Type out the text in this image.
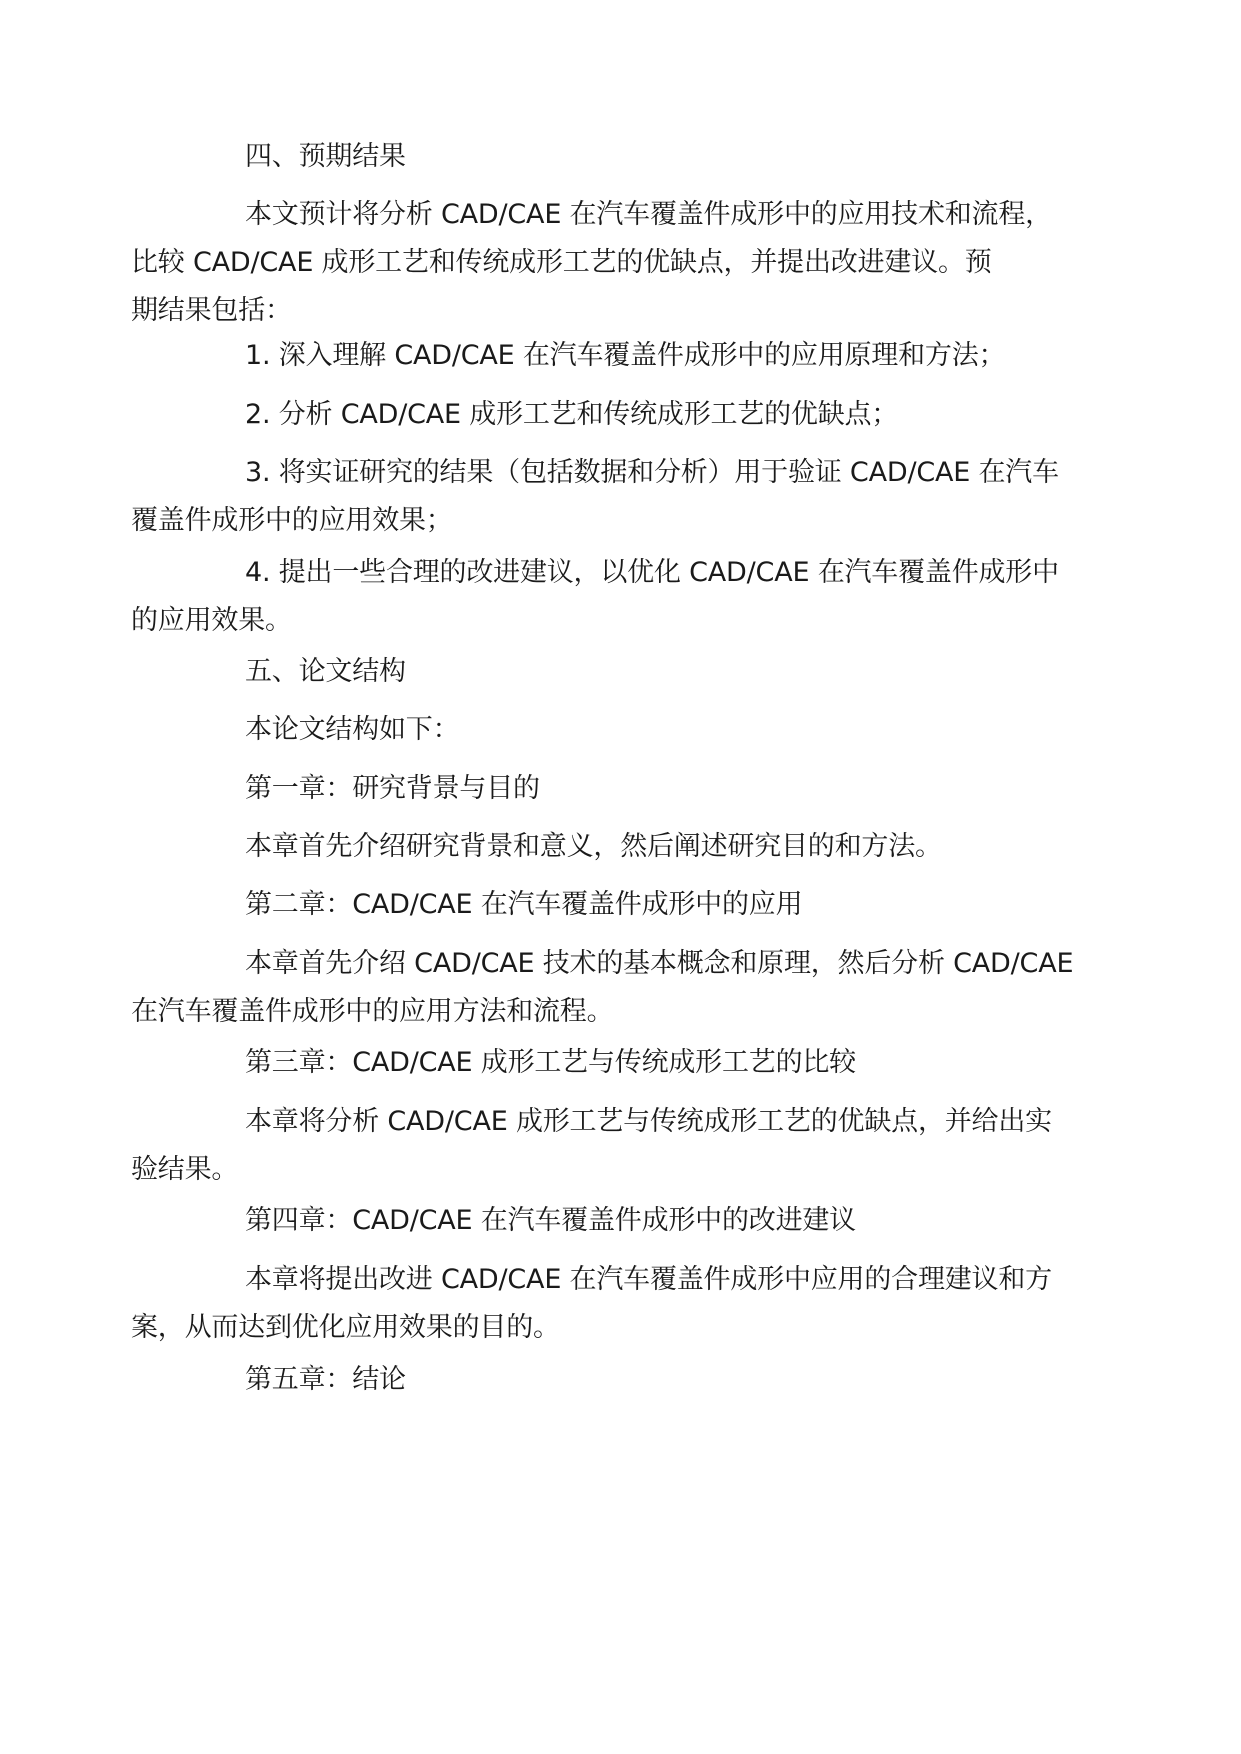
四、预期结果

本文预计将分析 CAD/CAE 在汽车覆盖件成形中的应用技术和流程，
比较 CAD/CAE 成形工艺和传统成形工艺的优缺点，并提出改进建议。预
期结果包括：

1. 深入理解 CAD/CAE 在汽车覆盖件成形中的应用原理和方法；

2. 分析 CAD/CAE 成形工艺和传统成形工艺的优缺点；

3. 将实证研究的结果（包括数据和分析）用于验证 CAD/CAE 在汽车
覆盖件成形中的应用效果；

4. 提出一些合理的改进建议，以优化 CAD/CAE 在汽车覆盖件成形中
的应用效果。

五、论文结构

本论文结构如下：

第一章：研究背景与目的

本章首先介绍研究背景和意义，然后阐述研究目的和方法。

第二章：CAD/CAE 在汽车覆盖件成形中的应用

本章首先介绍 CAD/CAE 技术的基本概念和原理，然后分析 CAD/CAE
在汽车覆盖件成形中的应用方法和流程。

第三章：CAD/CAE 成形工艺与传统成形工艺的比较

本章将分析 CAD/CAE 成形工艺与传统成形工艺的优缺点，并给出实
验结果。

第四章：CAD/CAE 在汽车覆盖件成形中的改进建议

本章将提出改进 CAD/CAE 在汽车覆盖件成形中应用的合理建议和方
案，从而达到优化应用效果的目的。

第五章：结论
